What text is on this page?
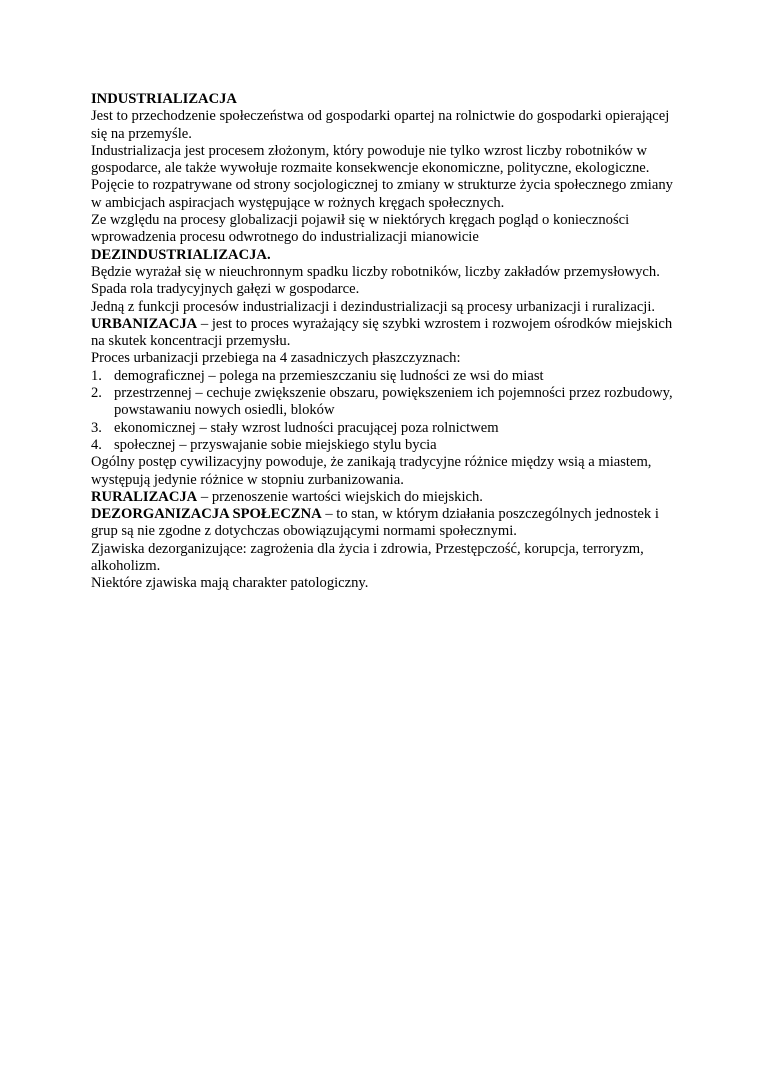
INDUSTRIALIZACJA

Jest to przechodzenie społeczeństwa od gospodarki opartej na rolnictwie do gospodarki opierającej się na przemyśle.

Industrializacja jest procesem złożonym, który powoduje nie tylko wzrost liczby robotników w gospodarce, ale także wywołuje rozmaite konsekwencje ekonomiczne, polityczne, ekologiczne.

Pojęcie to rozpatrywane od strony socjologicznej to zmiany w strukturze życia społecznego zmiany w ambicjach aspiracjach występujące w rożnych kręgach społecznych.

Ze względu na procesy globalizacji pojawił się w niektórych kręgach pogląd o konieczności wprowadzenia procesu odwrotnego do industrializacji mianowicie

DEZINDUSTRIALIZACJA.

Będzie wyrażał się w nieuchronnym spadku liczby robotników, liczby zakładów przemysłowych. Spada rola tradycyjnych gałęzi w gospodarce.

Jedną z funkcji procesów industrializacji i dezindustrializacji są procesy urbanizacji i ruralizacji.

URBANIZACJA – jest to proces wyrażający się szybki wzrostem i rozwojem ośrodków miejskich na skutek koncentracji przemysłu.

Proces urbanizacji przebiega na 4 zasadniczych płaszczyznach:

1. demograficznej – polega na przemieszczaniu się ludności ze wsi do miast
2. przestrzennej – cechuje zwiększenie obszaru, powiększeniem ich pojemności przez rozbudowy, powstawaniu nowych osiedli, bloków
3. ekonomicznej – stały wzrost ludności pracującej poza rolnictwem
4. społecznej – przyswajanie sobie miejskiego stylu bycia

Ogólny postęp cywilizacyjny powoduje, że zanikają tradycyjne różnice między wsią a miastem, występują jedynie różnice w stopniu zurbanizowania.

RURALIZACJA – przenoszenie wartości wiejskich do miejskich.

DEZORGANIZACJA SPOŁECZNA – to stan, w którym działania poszczególnych jednostek i grup są nie zgodne z dotychczas obowiązującymi normami społecznymi.

Zjawiska dezorganizujące: zagrożenia dla życia i zdrowia, Przestępczość, korupcja, terroryzm, alkoholizm.

Niektóre zjawiska mają charakter patologiczny.
